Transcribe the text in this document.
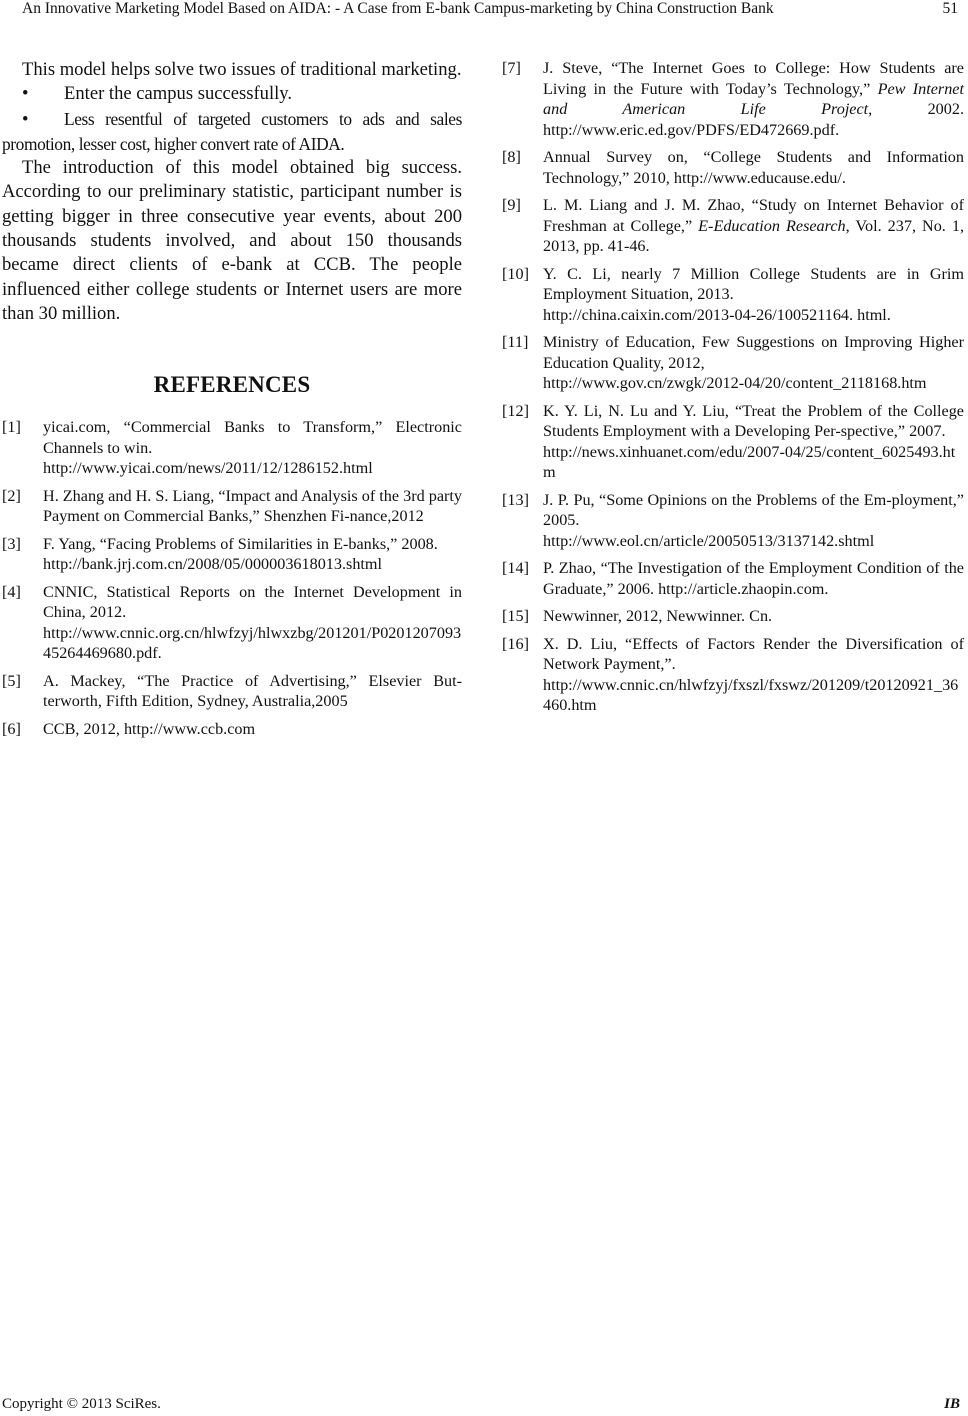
An Innovative Marketing Model Based on AIDA: - A Case from E-bank Campus-marketing by China Construction Bank	51

This model helps solve two issues of traditional marketing.

• Enter the campus successfully.
• Less resentful of targeted customers to ads and sales promotion, lesser cost, higher convert rate of AIDA.

The introduction of this model obtained big success. According to our preliminary statistic, participant number is getting bigger in three consecutive year events, about 200 thousands students involved, and about 150 thousands became direct clients of e-bank at CCB. The people influenced either college students or Internet users are more than 30 million.

REFERENCES
[1]	yicai.com, “Commercial Banks to Transform,” Electronic Channels to win.
http://www.yicai.com/news/2011/12/1286152.html
[2]	H. Zhang and H. S. Liang, “Impact and Analysis of the 3rd party Payment on Commercial Banks,” Shenzhen Fi-nance,2012
[3]	F. Yang, “Facing Problems of Similarities in E-banks,” 2008.
http://bank.jrj.com.cn/2008/05/000003618013.shtml
[4]	CNNIC, Statistical Reports on the Internet Development in China, 2012.
http://www.cnnic.org.cn/hlwfzyj/hlwxzbg/201201/P020120709345264469680.pdf.
[5]	A. Mackey, “The Practice of Advertising,” Elsevier But-terworth, Fifth Edition, Sydney, Australia,2005
[6]	CCB, 2012, http://www.ccb.com
[7]	J. Steve, “The Internet Goes to College: How Students are Living in the Future with Today’s Technology,” Pew Internet and American Life Project, 2002. http://www.eric.ed.gov/PDFS/ED472669.pdf.
[8]	Annual Survey on, “College Students and Information Technology,” 2010, http://www.educause.edu/.
[9]	L. M. Liang and J. M. Zhao, “Study on Internet Behavior of Freshman at College,” E-Education Research, Vol. 237, No. 1, 2013, pp. 41-46.
[10] Y. C. Li, nearly 7 Million College Students are in Grim Employment Situation, 2013.
http://china.caixin.com/2013-04-26/100521164. html.
[11] Ministry of Education, Few Suggestions on Improving Higher Education Quality, 2012,
http://www.gov.cn/zwgk/2012-04/20/content_2118168.htm
[12] K. Y. Li, N. Lu and Y. Liu, “Treat the Problem of the College Students Employment with a Developing Per-spective,” 2007.
http://news.xinhuanet.com/edu/2007-04/25/content_6025493.htm
[13] J. P. Pu, “Some Opinions on the Problems of the Em-ployment,” 2005.
http://www.eol.cn/article/20050513/3137142.shtml
[14] P. Zhao, “The Investigation of the Employment Condition of the Graduate,” 2006. http://article.zhaopin.com.
[15] Newwinner, 2012, Newwinner. Cn.
[16] X. D. Liu, “Effects of Factors Render the Diversification of Network Payment,”.
http://www.cnnic.cn/hlwfzyj/fxszl/fxswz/201209/t20120921_36460.htm
Copyright © 2013 SciRes.	IB
